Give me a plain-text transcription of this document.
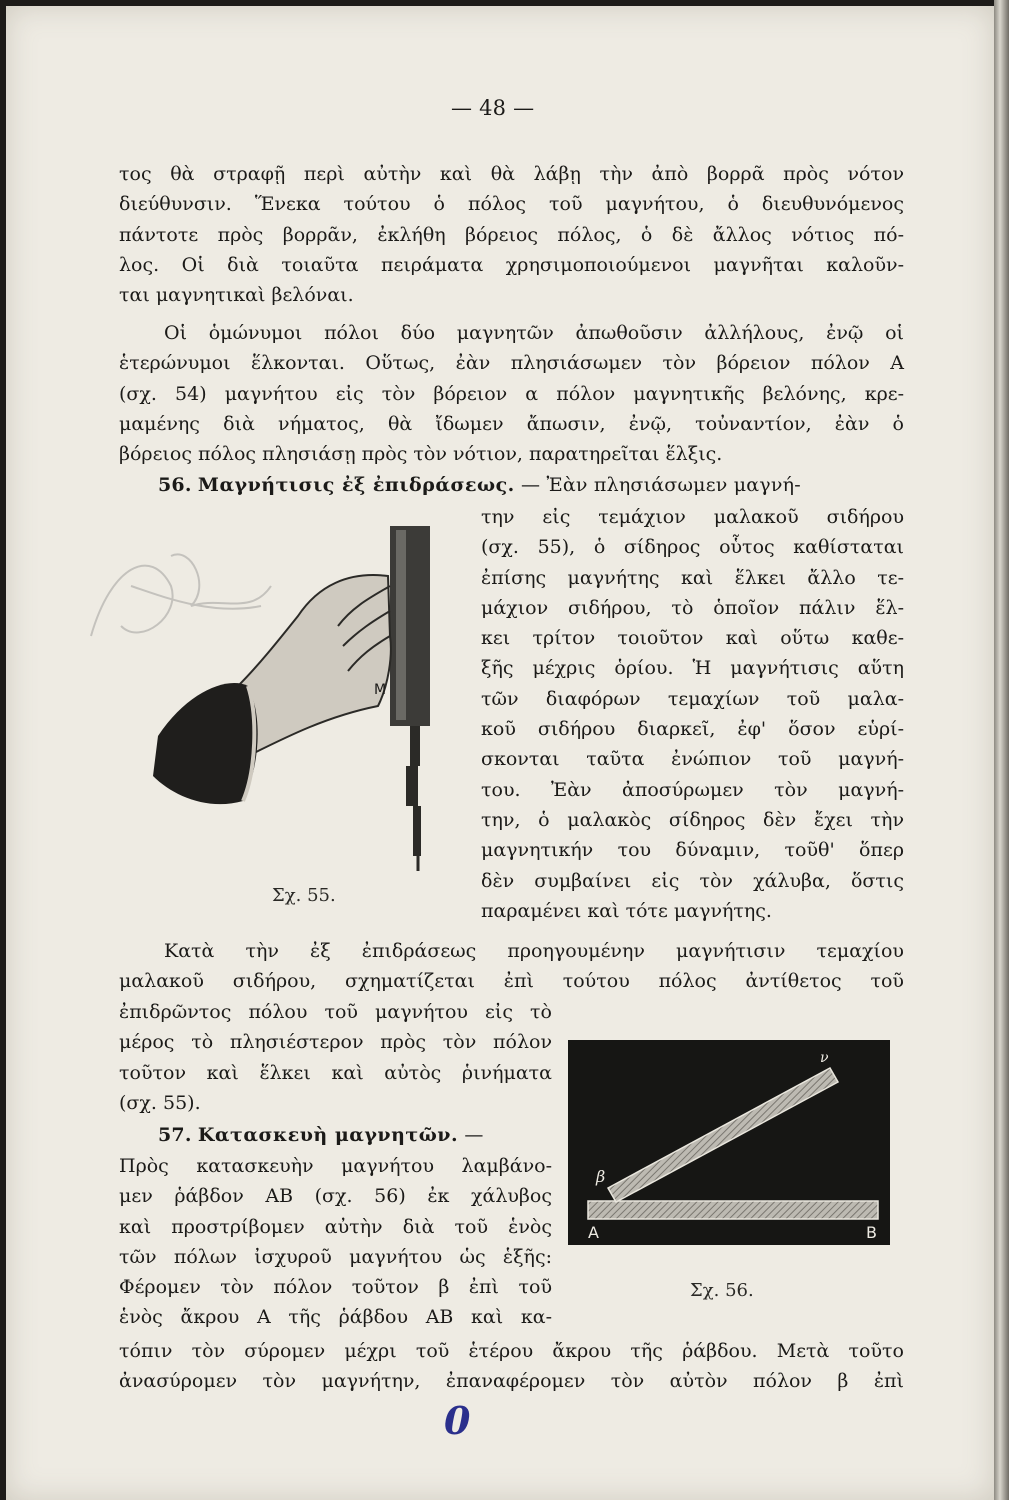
— 48 —
τος θὰ στραφῇ περὶ αὐτὴν καὶ θὰ λάβῃ τὴν ἀπὸ βορρᾶ πρὸς νότον
διεύθυνσιν. Ἕνεκα τούτου ὁ πόλος τοῦ μαγνήτου, ὁ διευθυνόμενος
πάντοτε πρὸς βορρᾶν, ἐκλήθη βόρειος πόλος, ὁ δὲ ἄλλος νότιος πό-
λος. Οἱ διὰ τοιαῦτα πειράματα χρησιμοποιούμενοι μαγνῆται καλοῦν-
ται μαγνητικαὶ βελόναι.
Οἱ ὁμώνυμοι πόλοι δύο μαγνητῶν ἀπωθοῦσιν ἀλλήλους, ἐνῷ οἱ
ἑτερώνυμοι ἕλκονται. Οὕτως, ἐὰν πλησιάσωμεν τὸν βόρειον πόλον Α
(σχ. 54) μαγνήτου εἰς τὸν βόρειον α πόλον μαγνητικῆς βελόνης, κρε-
μαμένης διὰ νήματος, θὰ ἴδωμεν ἄπωσιν, ἐνῷ, τοὐναντίον, ἐὰν ὁ
βόρειος πόλος πλησιάσῃ πρὸς τὸν νότιον, παρατηρεῖται ἕλξις.
56. Μαγνήτισις ἐξ ἐπιδράσεως. — Ἐὰν πλησιάσωμεν μαγνή-
την εἰς τεμάχιον μαλακοῦ σιδήρου
(σχ. 55), ὁ σίδηρος οὗτος καθίσταται
ἐπίσης μαγνήτης καὶ ἕλκει ἄλλο τε-
μάχιον σιδήρου, τὸ ὁποῖον πάλιν ἕλ-
κει τρίτον τοιοῦτον καὶ οὕτω καθε-
ξῆς μέχρις ὁρίου. Ἡ μαγνήτισις αὕτη
τῶν διαφόρων τεμαχίων τοῦ μαλα-
κοῦ σιδήρου διαρκεῖ, ἐφ' ὅσον εὑρί-
σκονται ταῦτα ἐνώπιον τοῦ μαγνή-
του. Ἐὰν ἀποσύρωμεν τὸν μαγνή-
την, ὁ μαλακὸς σίδηρος δὲν ἔχει τὴν
μαγνητικήν του δύναμιν, τοῦθ' ὅπερ
δὲν συμβαίνει εἰς τὸν χάλυβα, ὅστις
παραμένει καὶ τότε μαγνήτης.
Μ
Σχ. 55.
Κατὰ τὴν ἐξ ἐπιδράσεως προηγουμένην μαγνήτισιν τεμαχίου
μαλακοῦ σιδήρου, σχηματίζεται ἐπὶ τούτου πόλος ἀντίθετος τοῦ
ἐπιδρῶντος πόλου τοῦ μαγνήτου εἰς τὸ
μέρος τὸ πλησιέστερον πρὸς τὸν πόλον
τοῦτον καὶ ἕλκει καὶ αὐτὸς ῥινήματα
(σχ. 55).
57. Κατασκευὴ μαγνητῶν. —
Πρὸς κατασκευὴν μαγνήτου λαμβάνο-
μεν ῥάβδον ΑΒ (σχ. 56) ἐκ χάλυβος
καὶ προστρίβομεν αὐτὴν διὰ τοῦ ἑνὸς
τῶν πόλων ἰσχυροῦ μαγνήτου ὡς ἑξῆς:
Φέρομεν τὸν πόλον τοῦτον β ἐπὶ τοῦ
ἑνὸς ἄκρου Α τῆς ῥάβδου ΑΒ καὶ κα-
Α	Β
β
ν
Σχ. 56.
τόπιν τὸν σύρομεν μέχρι τοῦ ἑτέρου ἄκρου τῆς ῥάβδου. Μετὰ τοῦτο
ἀνασύρομεν τὸν μαγνήτην, ἐπαναφέρομεν τὸν αὐτὸν πόλον β ἐπὶ
0
